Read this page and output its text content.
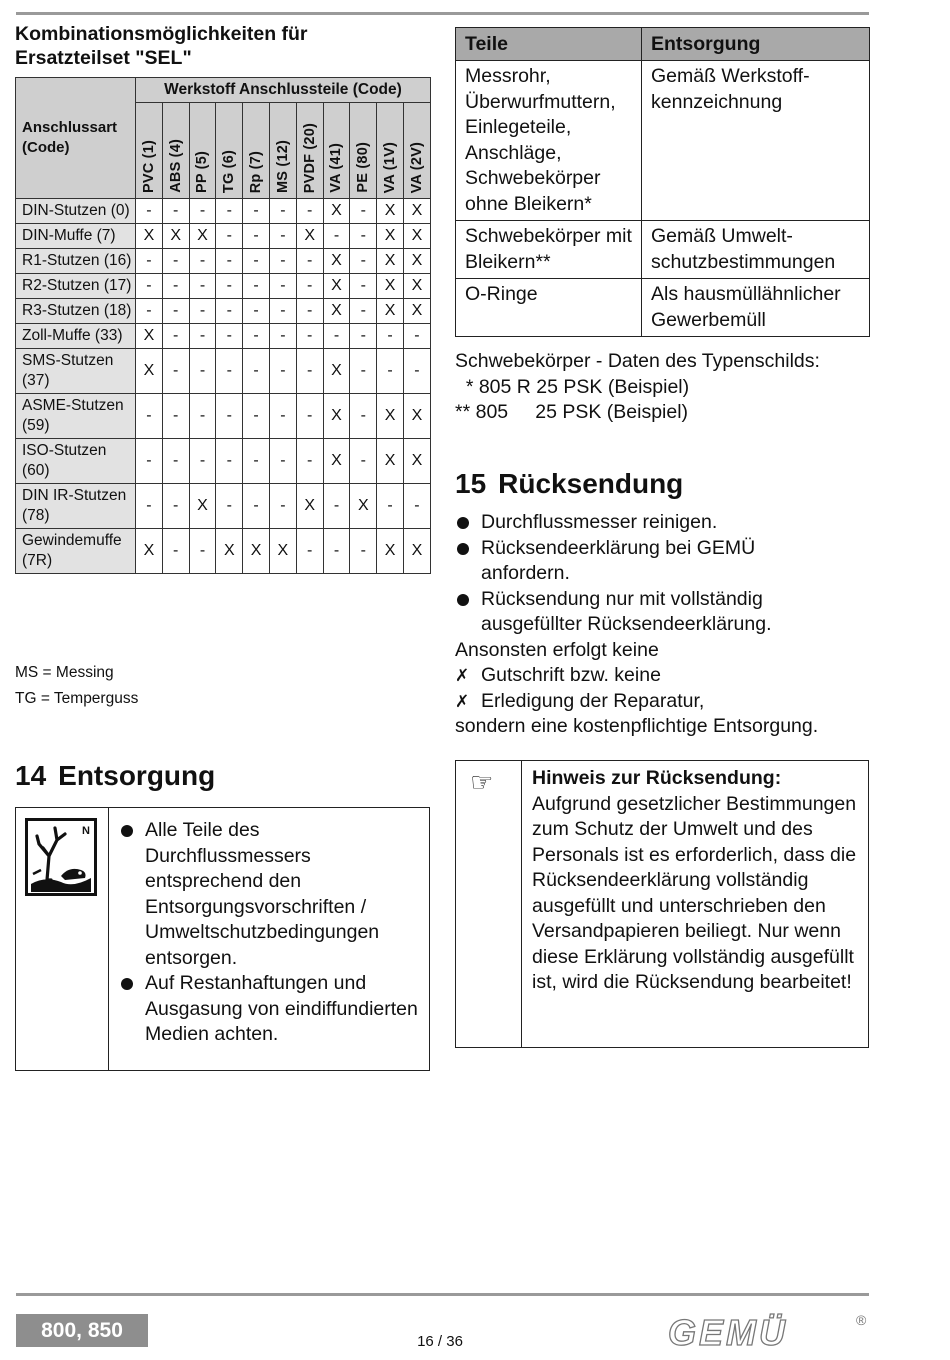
Kombinationsmöglichkeiten für
Ersatzteilset "SEL"
Anschlussart (Code)	Werkstoff Anschlussteile (Code)										
	PVC (1)	ABS (4)	PP (5)	TG (6)	Rp (7)	MS (12)	PVDF (20)	VA (41)	PE (80)	VA (1V)	VA (2V)
DIN-Stutzen (0)	-	-	-	-	-	-	-	X	-	X	X
DIN-Muffe (7)	X	X	X	-	-	-	X	-	-	X	X
R1-Stutzen (16)	-	-	-	-	-	-	-	X	-	X	X
R2-Stutzen (17)	-	-	-	-	-	-	-	X	-	X	X
R3-Stutzen (18)	-	-	-	-	-	-	-	X	-	X	X
Zoll-Muffe (33)	X	-	-	-	-	-	-	-	-	-	-
SMS-Stutzen (37)	X	-	-	-	-	-	-	X	-	-	-
ASME-Stutzen (59)	-	-	-	-	-	-	-	X	-	X	X
ISO-Stutzen (60)	-	-	-	-	-	-	-	X	-	X	X
DIN IR-Stutzen (78)	-	-	X	-	-	-	X	-	X	-	-
Gewindemuffe (7R)	X	-	-	X	X	X	-	-	-	X	X
MS = Messing
TG = Temperguss
14 Entsorgung
N	Alle Teile des Durchflussmessers entsprechend den Entsorgungsvorschriften / Umweltschutzbedingungen entsorgen.
Auf Restanhaftungen und Ausgasung von eindiffundierten Medien achten.
Teile	Entsorgung
Messrohr, Überwurfmuttern, Einlegeteile, Anschläge, Schwebekörper ohne Bleikern*	Gemäß Werkstoff-kennzeichnung
Schwebekörper mit Bleikern**	Gemäß Umwelt-schutzbestimmungen
O-Ringe	Als hausmüllähnlicher Gewerbemüll
Schwebekörper - Daten des Typenschilds:
* 805 R 25 PSK (Beispiel)
** 805     25 PSK (Beispiel)
15 Rücksendung
Durchflussmesser reinigen.
Rücksendeerklärung bei GEMÜ anfordern.
Rücksendung nur mit vollständig ausgefüllter Rücksendeerklärung.
Ansonsten erfolgt keine
✗ Gutschrift bzw. keine
✗ Erledigung der Reparatur,
sondern eine kostenpflichtige Entsorgung.
☞ Hinweis zur Rücksendung:
Aufgrund gesetzlicher Bestimmungen zum Schutz der Umwelt und des Personals ist es erforderlich, dass die Rücksendeerklärung vollständig ausgefüllt und unterschrieben den Versandpapieren beiliegt. Nur wenn diese Erklärung vollständig ausgefüllt ist, wird die Rücksendung bearbeitet!
800, 850	16 / 36	GEMÜ	®
